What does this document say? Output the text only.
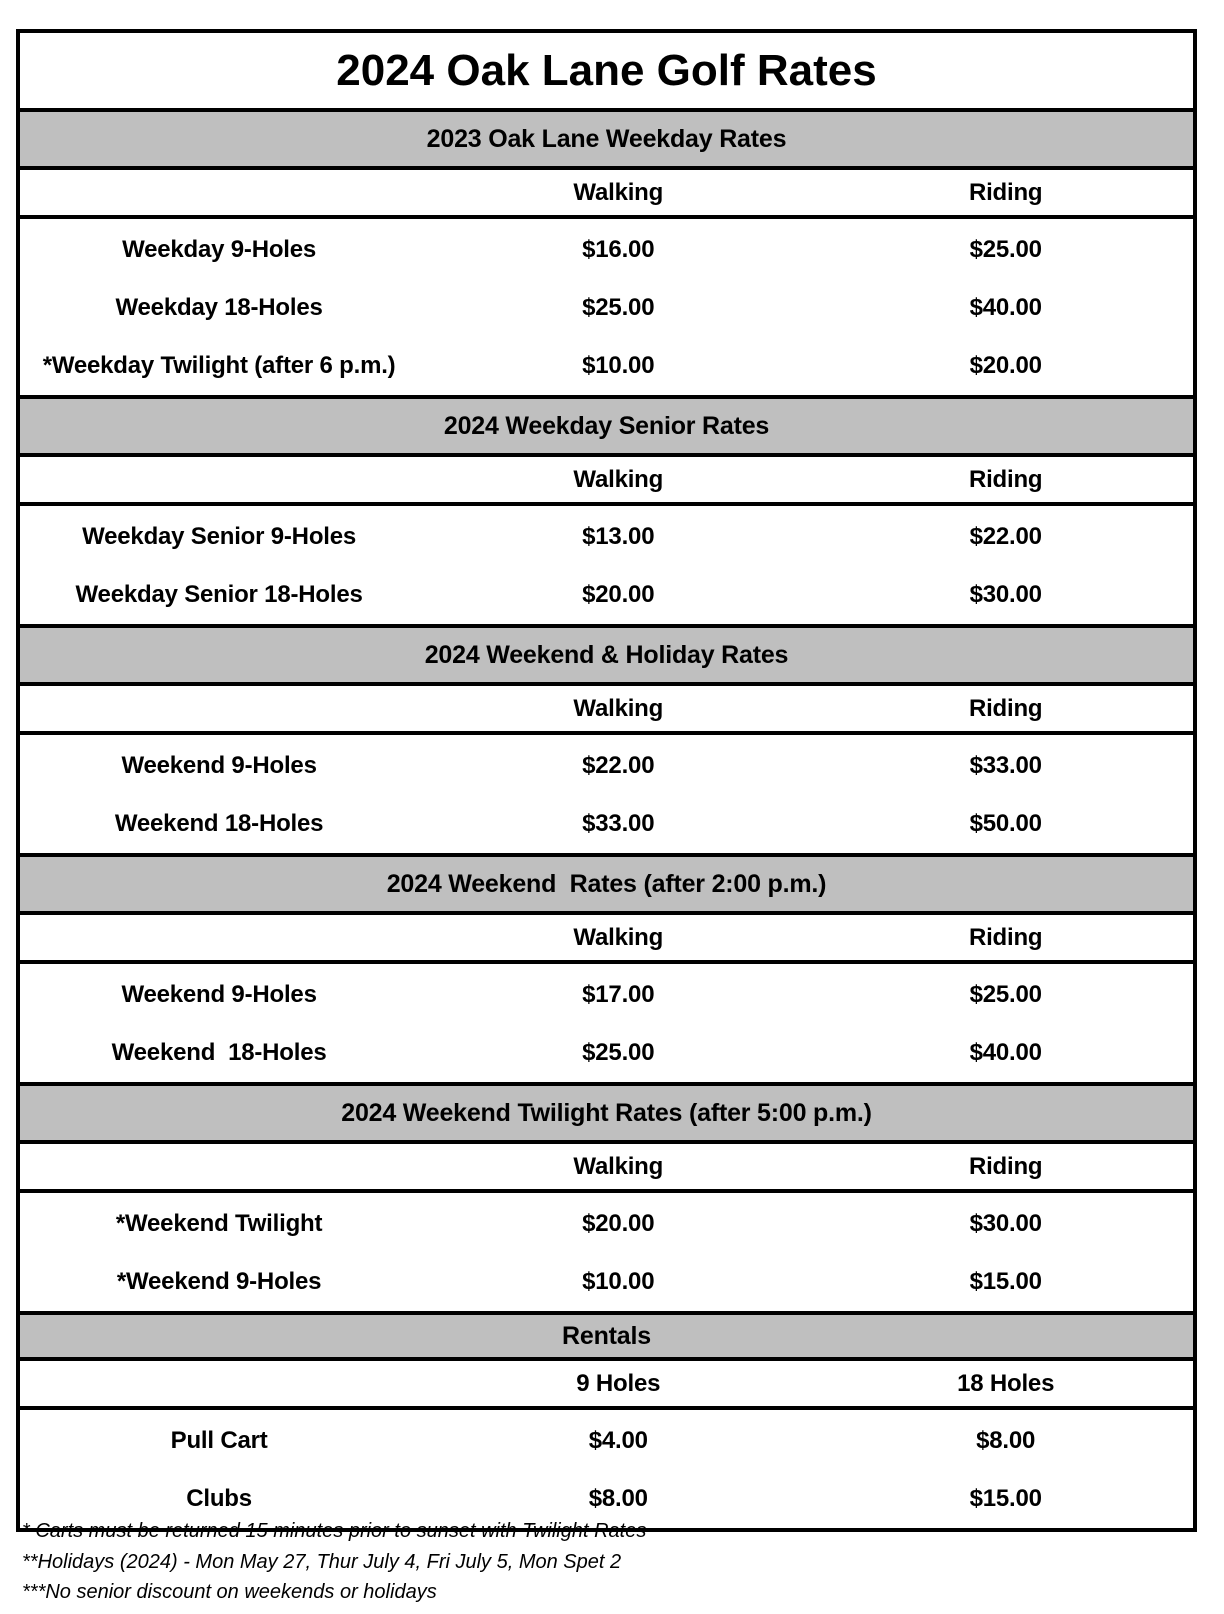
2024 Oak Lane Golf Rates		
2023 Oak Lane Weekday Rates		
	Walking	Riding
Weekday 9-Holes	$16.00	$25.00
Weekday 18-Holes	$25.00	$40.00
*Weekday Twilight (after 6 p.m.)	$10.00	$20.00
2024 Weekday Senior Rates		
	Walking	Riding
Weekday Senior 9-Holes	$13.00	$22.00
Weekday Senior 18-Holes	$20.00	$30.00
2024 Weekend & Holiday Rates		
	Walking	Riding
Weekend 9-Holes	$22.00	$33.00
Weekend 18-Holes	$33.00	$50.00
2024 Weekend  Rates (after 2:00 p.m.)		
	Walking	Riding
Weekend 9-Holes	$17.00	$25.00
Weekend  18-Holes	$25.00	$40.00
2024 Weekend Twilight Rates (after 5:00 p.m.)		
	Walking	Riding
*Weekend Twilight	$20.00	$30.00
*Weekend 9-Holes	$10.00	$15.00
Rentals		
	9 Holes	18 Holes
Pull Cart	$4.00	$8.00
Clubs	$8.00	$15.00
* Carts must be returned 15 minutes prior to sunset with Twilight Rates
**Holidays (2024) - Mon May 27, Thur July 4, Fri July 5, Mon Spet 2
***No senior discount on weekends or holidays
